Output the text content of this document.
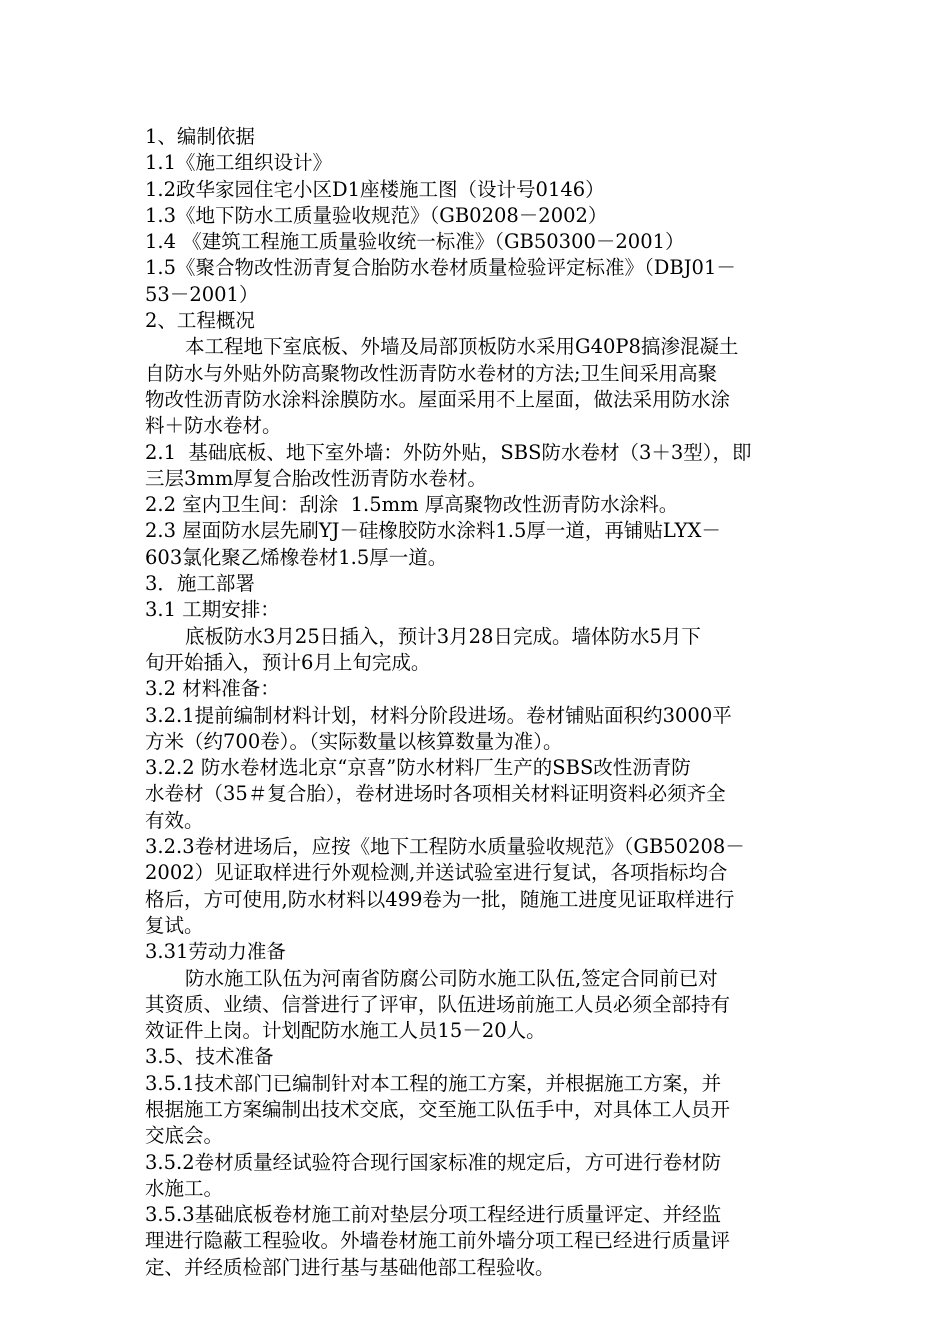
1、编制依据
1.1《施工组织设计》
1.2政华家园住宅小区D1座楼施工图（设计号0146）
1.3《地下防水工质量验收规范》（GB0208－2002）
1.4 《建筑工程施工质量验收统一标准》（GB50300－2001）
1.5《聚合物改性沥青复合胎防水卷材质量检验评定标准》（DBJ01－
53－2001）
2、工程概况
本工程地下室底板、外墙及局部顶板防水采用G40P8搞渗混凝土
自防水与外贴外防高聚物改性沥青防水卷材的方法;卫生间采用高聚
物改性沥青防水涂料涂膜防水。屋面采用不上屋面，做法采用防水涂
料＋防水卷材。
2.1  基础底板、地下室外墙：外防外贴，SBS防水卷材（3＋3型），即
三层3mm厚复合胎改性沥青防水卷材。
2.2 室内卫生间：刮涂  1.5mm 厚高聚物改性沥青防水涂料。
2.3 屋面防水层先刷YJ－硅橡胶防水涂料1.5厚一道，再铺贴LYX－
603氯化聚乙烯橡卷材1.5厚一道。
3．施工部署
3.1 工期安排：
底板防水3月25日插入，预计3月28日完成。墙体防水5月下
旬开始插入，预计6月上旬完成。
3.2 材料准备：
3.2.1提前编制材料计划，材料分阶段进场。卷材铺贴面积约3000平
方米（约700卷）。（实际数量以核算数量为准）。
3.2.2 防水卷材选北京“京喜”防水材料厂生产的SBS改性沥青防
水卷材（35＃复合胎），卷材进场时各项相关材料证明资料必须齐全
有效。
3.2.3卷材进场后，应按《地下工程防水质量验收规范》（GB50208－
2002）见证取样进行外观检测,并送试验室进行复试，各项指标均合
格后，方可使用,防水材料以499卷为一批，随施工进度见证取样进行
复试。
3.31劳动力准备
防水施工队伍为河南省防腐公司防水施工队伍,签定合同前已对
其资质、业绩、信誉进行了评审，队伍进场前施工人员必须全部持有
效证件上岗。计划配防水施工人员15－20人。
3.5、技术准备
3.5.1技术部门已编制针对本工程的施工方案，并根据施工方案，并
根据施工方案编制出技术交底，交至施工队伍手中，对具体工人员开
交底会。
3.5.2卷材质量经试验符合现行国家标准的规定后，方可进行卷材防
水施工。
3.5.3基础底板卷材施工前对垫层分项工程经进行质量评定、并经监
理进行隐蔽工程验收。外墙卷材施工前外墙分项工程已经进行质量评
定、并经质检部门进行基与基础他部工程验收。
